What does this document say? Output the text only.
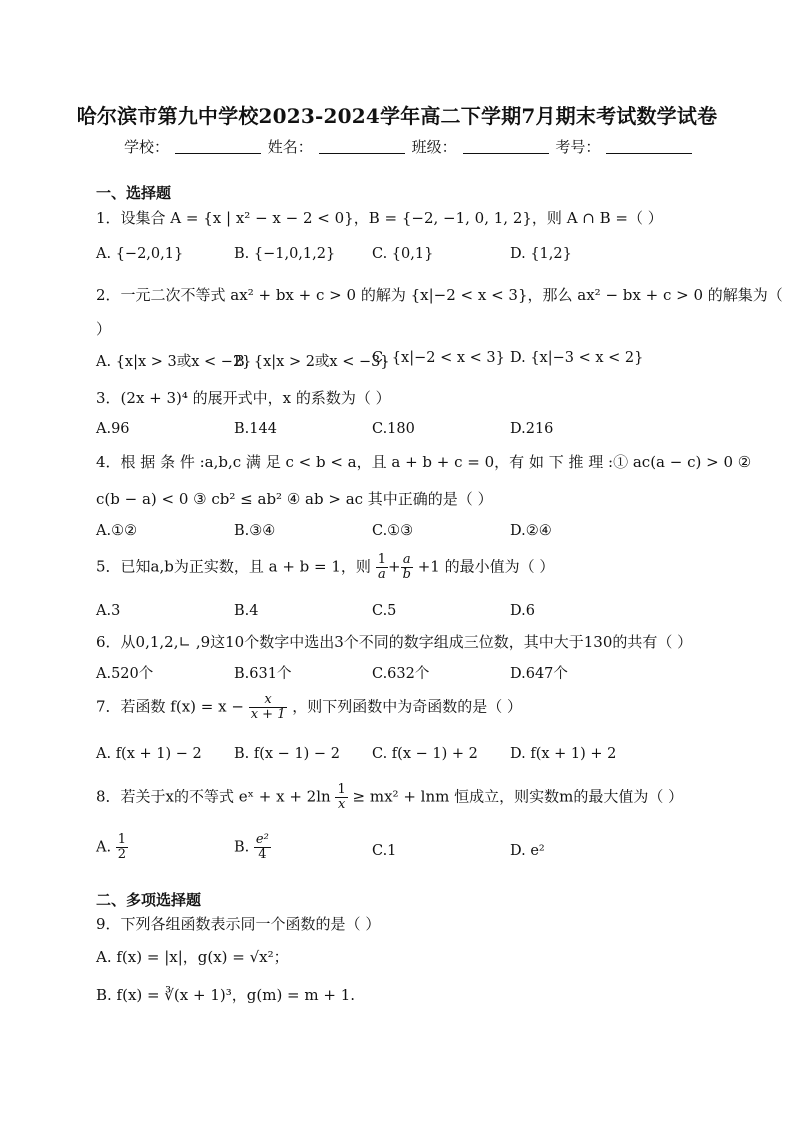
哈尔滨市第九中学校2023-2024学年高二下学期7月期末考试数学试卷
学校：	姓名：	班级：	考号：
一、选择题
1．设集合 A = {x | x² − x − 2 < 0}，B = {−2, −1, 0, 1, 2}，则 A ∩ B =（ ）
A. {−2,0,1}	B. {−1,0,1,2}	C. {0,1}	D. {1,2}
2．一元二次不等式 ax² + bx + c > 0 的解为 {x|−2 < x < 3}，那么 ax² − bx + c > 0 的解集为（
）
A. {x|x > 3或x < −2}
B. {x|x > 2或x < −3}
C. {x|−2 < x < 3} D. {x|−3 < x < 2}
3．(2x + 3)⁴ 的展开式中，x 的系数为（ ）
A.96	B.144	C.180	D.216
4．根 据 条 件 :a,b,c 满 足 c < b < a，且 a + b + c = 0，有 如 下 推 理 :① ac(a − c) > 0 ②
c(b − a) < 0 ③ cb² ≤ ab² ④ ab > ac 其中正确的是（ ）
A.①②	B.③④	C.①③	D.②④
5．已知a,b为正实数，且 a + b = 1，则 $\frac{1}{a} + \frac{a}{b} +1$ 的最小值为（ ）
A.3	B.4	C.5	D.6
6．从0,1,2,∟ ,9这10个数字中选出3个不同的数字组成三位数，其中大于130的共有（ ）
A.520个	B.631个	C.632个	D.647个
7．若函数 $f(x) = x - \frac{x}{x + 1}$ ，则下列函数中为奇函数的是（ ）
A. f(x + 1) − 2 B. f(x − 1) − 2 C. f(x − 1) + 2 D. f(x + 1) + 2
8．若关于x的不等式 eˣ + $x + 2\ln \frac{1}{x} \ge mx^2 + \ln m$ 恒成立，则实数m的最大值为（ ）
A. $\frac{1}{2}$	B. $\frac{\text{e²}}{4}$	C.1	D. e²
二、多项选择题
9．下列各组函数表示同一个函数的是（ ）
A. f(x) = |x|，g(x) = √x²；
B. f(x) = ∛(x + 1)³，g(m) = m + 1.
